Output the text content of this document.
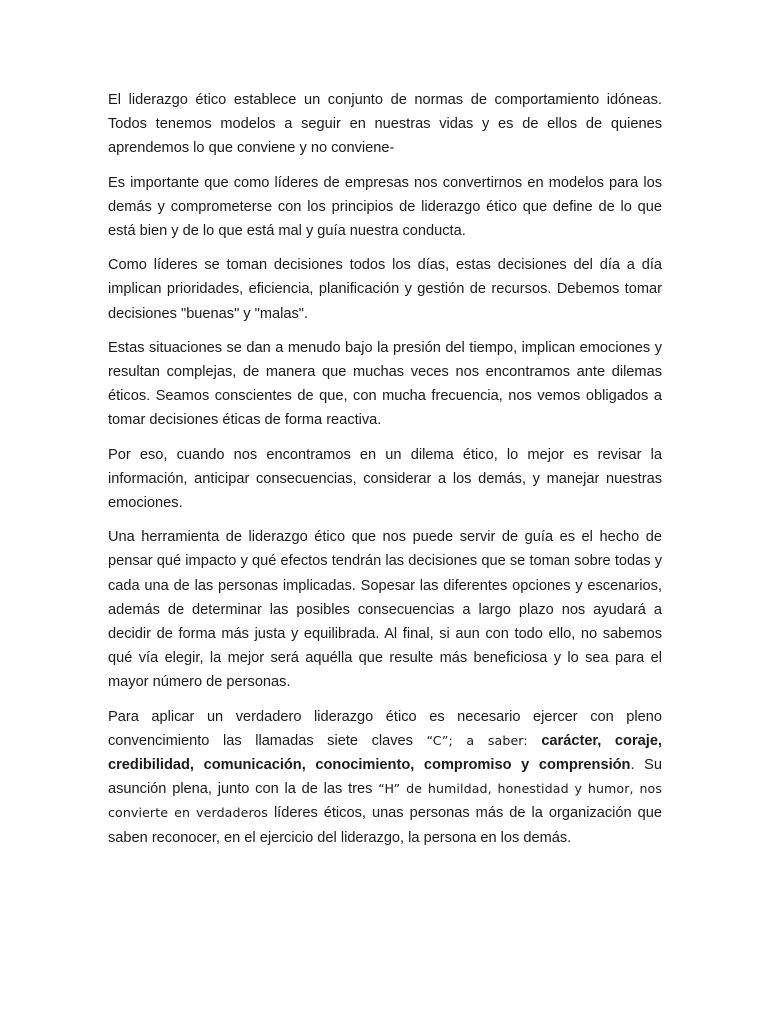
El liderazgo ético establece un conjunto de normas de comportamiento idóneas. Todos tenemos modelos a seguir en nuestras vidas y es de ellos de quienes aprendemos lo que conviene y no conviene-

Es importante que como líderes de empresas nos convertirnos en modelos para los demás y comprometerse con los principios de liderazgo ético que define de lo que está bien y de lo que está mal y guía nuestra conducta.

Como líderes se toman decisiones todos los días, estas decisiones del día a día implican prioridades, eficiencia, planificación y gestión de recursos. Debemos tomar decisiones "buenas" y "malas".

Estas situaciones se dan a menudo bajo la presión del tiempo, implican emociones y resultan complejas, de manera que muchas veces nos encontramos ante dilemas éticos. Seamos conscientes de que, con mucha frecuencia, nos vemos obligados a tomar decisiones éticas de forma reactiva.

Por eso, cuando nos encontramos en un dilema ético, lo mejor es revisar la información, anticipar consecuencias, considerar a los demás, y manejar nuestras emociones.

Una herramienta de liderazgo ético que nos puede servir de guía es el hecho de pensar qué impacto y qué efectos tendrán las decisiones que se toman sobre todas y cada una de las personas implicadas. Sopesar las diferentes opciones y escenarios, además de determinar las posibles consecuencias a largo plazo nos ayudará a decidir de forma más justa y equilibrada. Al final, si aun con todo ello, no sabemos qué vía elegir, la mejor será aquélla que resulte más beneficiosa y lo sea para el mayor número de personas.

Para aplicar un verdadero liderazgo ético es necesario ejercer con pleno convencimiento las llamadas siete claves “C”; a saber: carácter, coraje, credibilidad, comunicación, conocimiento, compromiso y comprensión. Su asunción plena, junto con la de las tres “H” de humildad, honestidad y humor, nos convierte en verdaderos líderes éticos, unas personas más de la organización que saben reconocer, en el ejercicio del liderazgo, la persona en los demás.
